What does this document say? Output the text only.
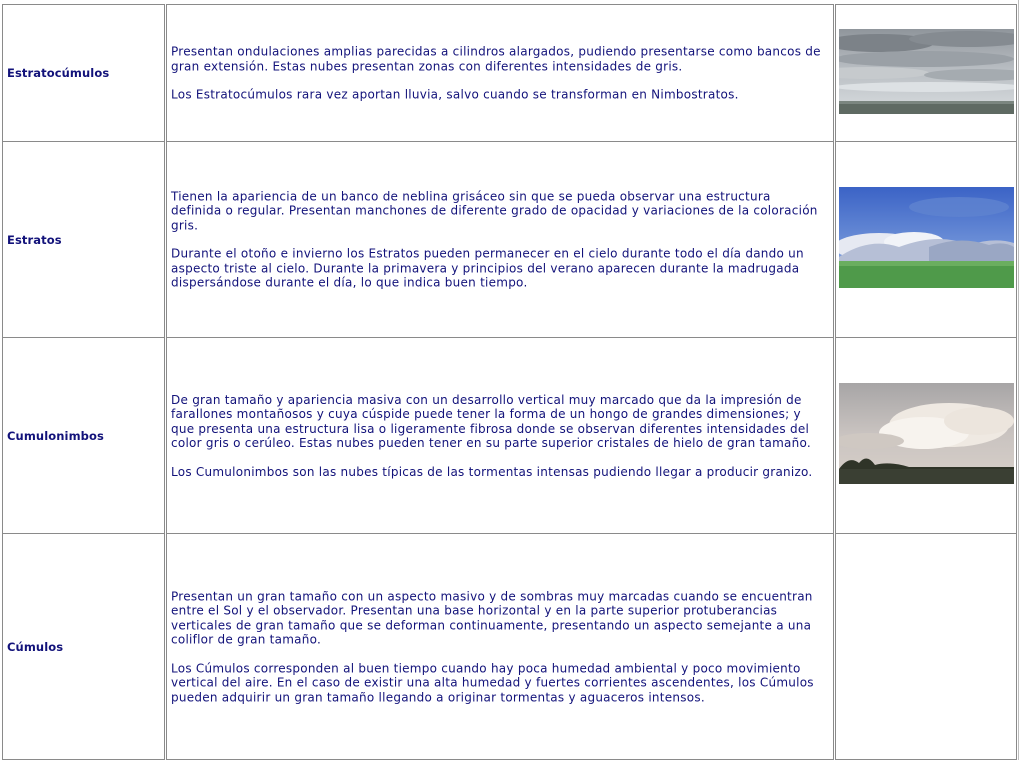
Estratocúmulos

Presentan ondulaciones amplias parecidas a cilindros alargados, pudiendo presentarse como bancos de gran extensión. Estas nubes presentan zonas con diferentes intensidades de gris.

Los Estratocúmulos rara vez aportan lluvia, salvo cuando se transforman en Nimbostratos.

Estratos

Tienen la apariencia de un banco de neblina grisáceo sin que se pueda observar una estructura definida o regular. Presentan manchones de diferente grado de opacidad y variaciones de la coloración gris.

Durante el otoño e invierno los Estratos pueden permanecer en el cielo durante todo el día dando un aspecto triste al cielo. Durante la primavera y principios del verano aparecen durante la madrugada dispersándose durante el día, lo que indica buen tiempo.

Cumulonimbos

De gran tamaño y apariencia masiva con un desarrollo vertical muy marcado que da la impresión de farallones montañosos y cuya cúspide puede tener la forma de un hongo de grandes dimensiones; y que presenta una estructura lisa o ligeramente fibrosa donde se observan diferentes intensidades del color gris o cerúleo. Estas nubes pueden tener en su parte superior cristales de hielo de gran tamaño.

Los Cumulonimbos son las nubes típicas de las tormentas intensas pudiendo llegar a producir granizo.

Cúmulos

Presentan un gran tamaño con un aspecto masivo y de sombras muy marcadas cuando se encuentran entre el Sol y el observador. Presentan una base horizontal y en la parte superior protuberancias verticales de gran tamaño que se deforman continuamente, presentando un aspecto semejante a una coliflor de gran tamaño.

Los Cúmulos corresponden al buen tiempo cuando hay poca humedad ambiental y poco movimiento vertical del aire. En el caso de existir una alta humedad y fuertes corrientes ascendentes, los Cúmulos pueden adquirir un gran tamaño llegando a originar tormentas y aguaceros intensos.
